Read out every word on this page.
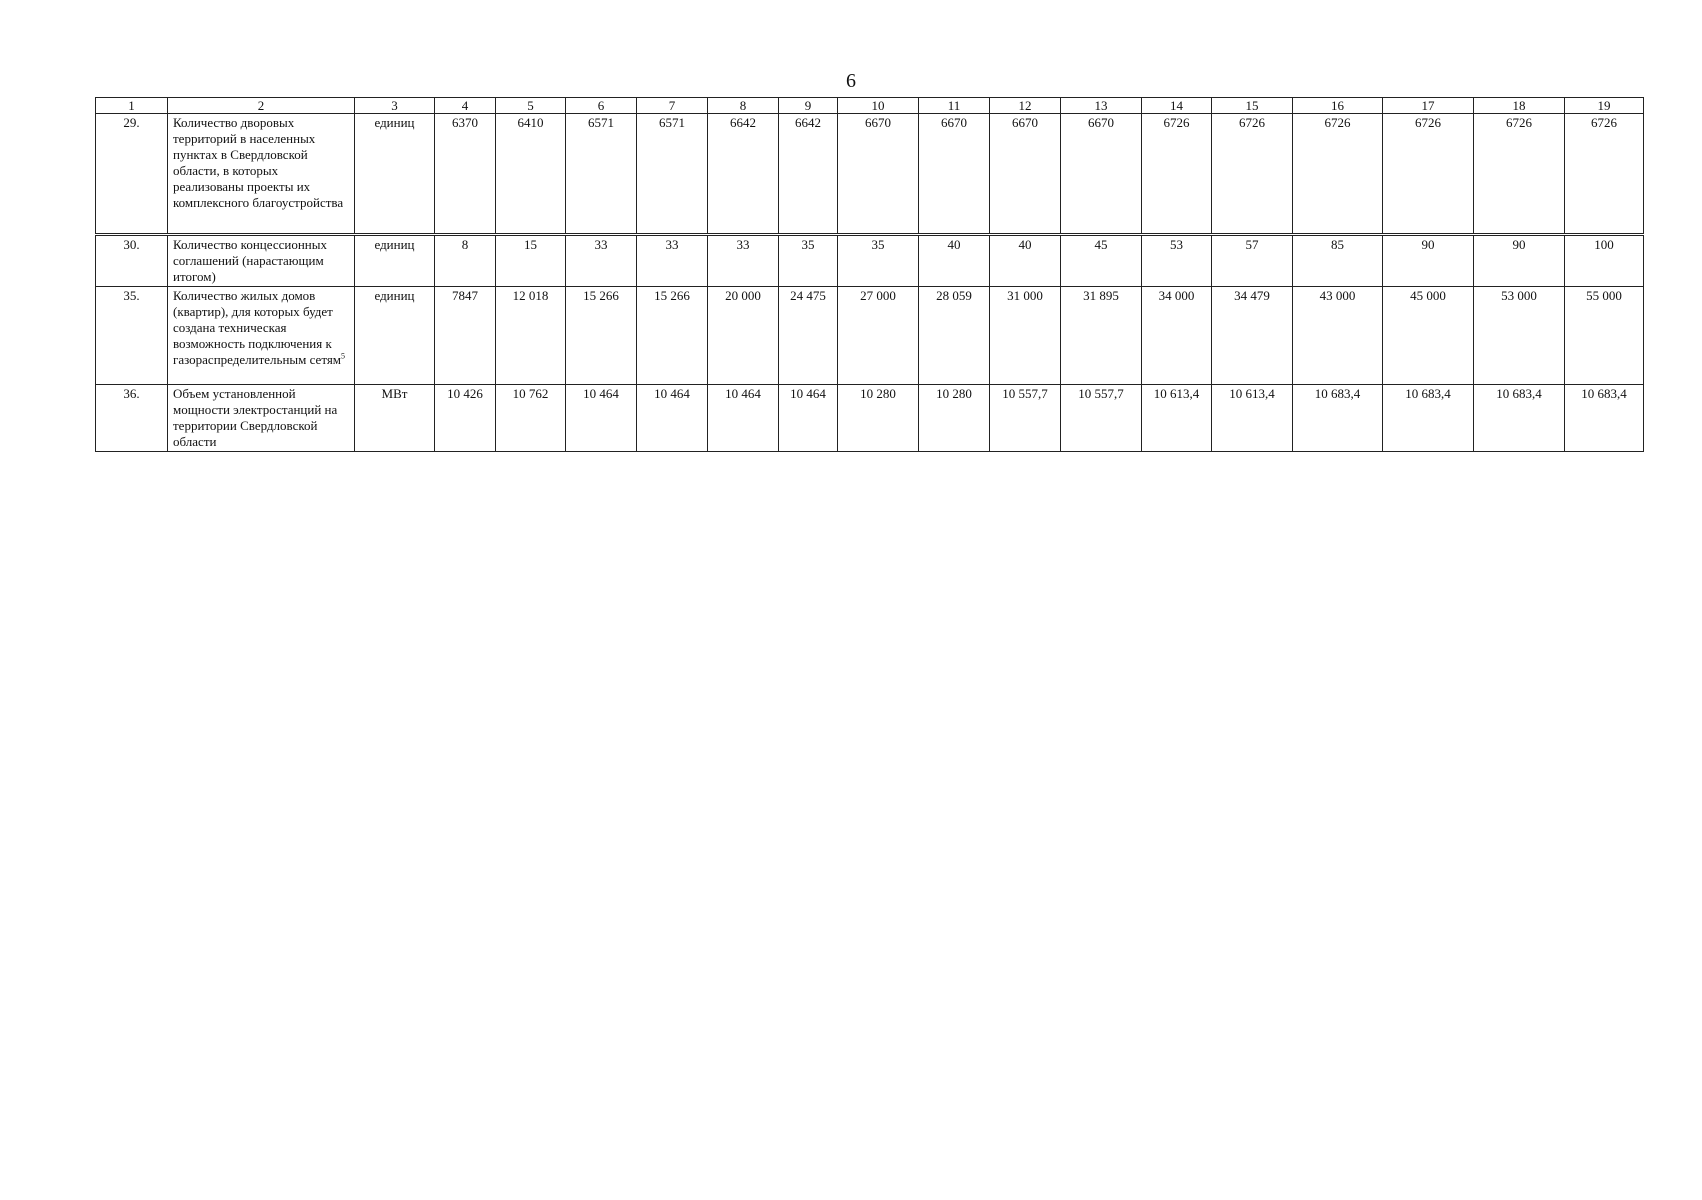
6
1	2	3	4	5	6	7	8	9	10	11	12	13	14	15	16	17	18	19
29.	Количество дворовых территорий в населенных пунктах в Свердловской области, в которых реализованы проекты их комплексного благоустройства	единиц	6370	6410	6571	6571	6642	6642	6670	6670	6670	6670	6726	6726	6726	6726	6726	6726
30.	Количество концессионных соглашений (нарастающим итогом)	единиц	8	15	33	33	33	35	35	40	40	45	53	57	85	90	90	100
35.	Количество жилых домов (квартир), для которых будет создана техническая возможность подключения к газораспределительным сетям$^5$	единиц	7847	12 018	15 266	15 266	20 000	24 475	27 000	28 059	31 000	31 895	34 000	34 479	43 000	45 000	53 000	55 000
36.	Объем установленной мощности электростанций на территории Свердловской области	МВт	10 426	10 762	10 464	10 464	10 464	10 464	10 280	10 280	10 557,7	10 557,7	10 613,4	10 613,4	10 683,4	10 683,4	10 683,4	10 683,4
